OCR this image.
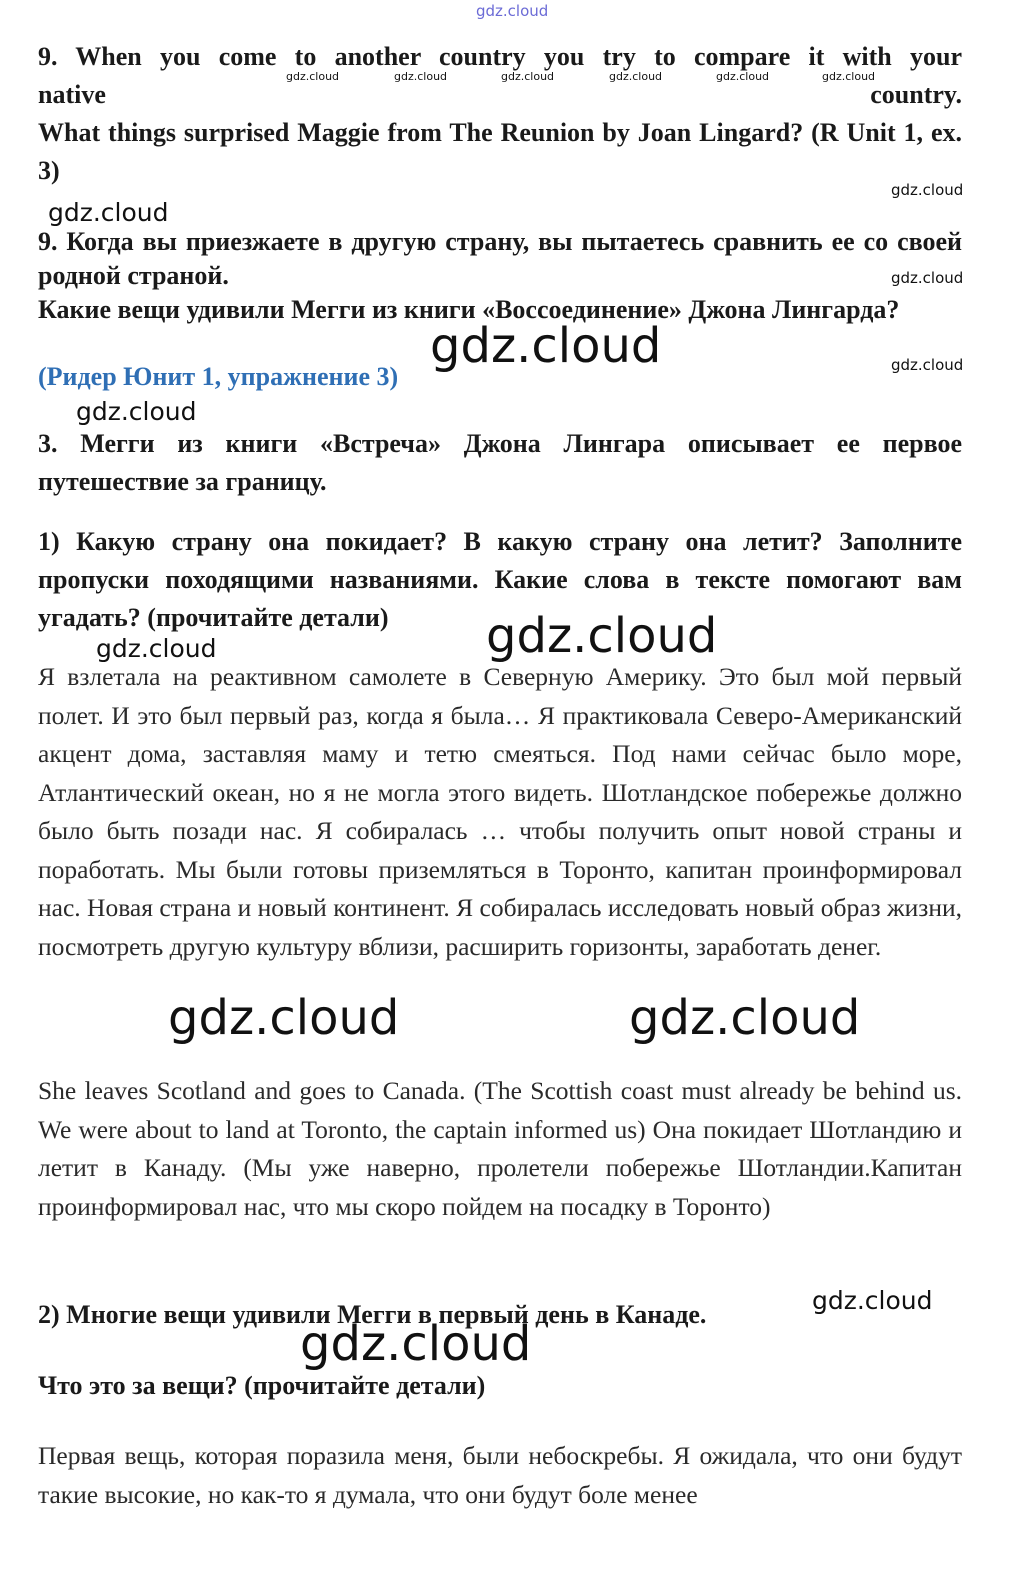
9. When you come to another country you try to compare it with your
native	country.
What things surprised Maggie from The Reunion by Joan Lingard? (R Unit 1, ex. 3)
9. Когда вы приезжаете в другую страну, вы пытаетесь сравнить ее со своей родной страной.
Какие вещи удивили Мегги из книги «Воссоединение» Джона Лингарда?
(Ридер Юнит 1, упражнение 3)
3. Мегги из книги «Встреча» Джона Лингара описывает ее первое путешествие за границу.
1) Какую страну она покидает? В какую страну она летит? Заполните пропуски походящими названиями. Какие слова в тексте помогают вам угадать? (прочитайте детали)
Я взлетала на реактивном самолете в Северную Америку. Это был мой первый полет. И это был первый раз, когда я была… Я практиковала Северо-Американский акцент дома, заставляя маму и тетю смеяться. Под нами сейчас было море, Атлантический океан, но я не могла этого видеть. Шотландское побережье должно было быть позади нас. Я собиралась … чтобы получить опыт новой страны и поработать. Мы были готовы приземляться в Торонто, капитан проинформировал нас. Новая страна и новый континент. Я собиралась исследовать новый образ жизни, посмотреть другую культуру вблизи, расширить горизонты, заработать денег.
She leaves Scotland and goes to Canada. (The Scottish coast must already be behind us. We were about to land at Toronto, the captain informed us) Она покидает Шотландию и летит в Канаду. (Мы уже наверно, пролетели побережье Шотландии.Капитан проинформировал нас, что мы скоро пойдем на посадку в Торонто)
2) Многие вещи удивили Мегги в первый день в Канаде.
Что это за вещи? (прочитайте детали)
Первая вещь, которая поразила меня, были небоскребы. Я ожидала, что они будут такие высокие, но как-то я думала, что они будут боле менее
gdz.cloud
gdz.cloud	gdz.cloud	gdz.cloud	gdz.cloud	gdz.cloud	gdz.cloud
gdz.cloud
gdz.cloud
gdz.cloud
gdz.cloud
gdz.cloud
gdz.cloud
gdz.cloud
gdz.cloud
gdz.cloud
gdz.cloud	gdz.cloud
gdz.cloud
